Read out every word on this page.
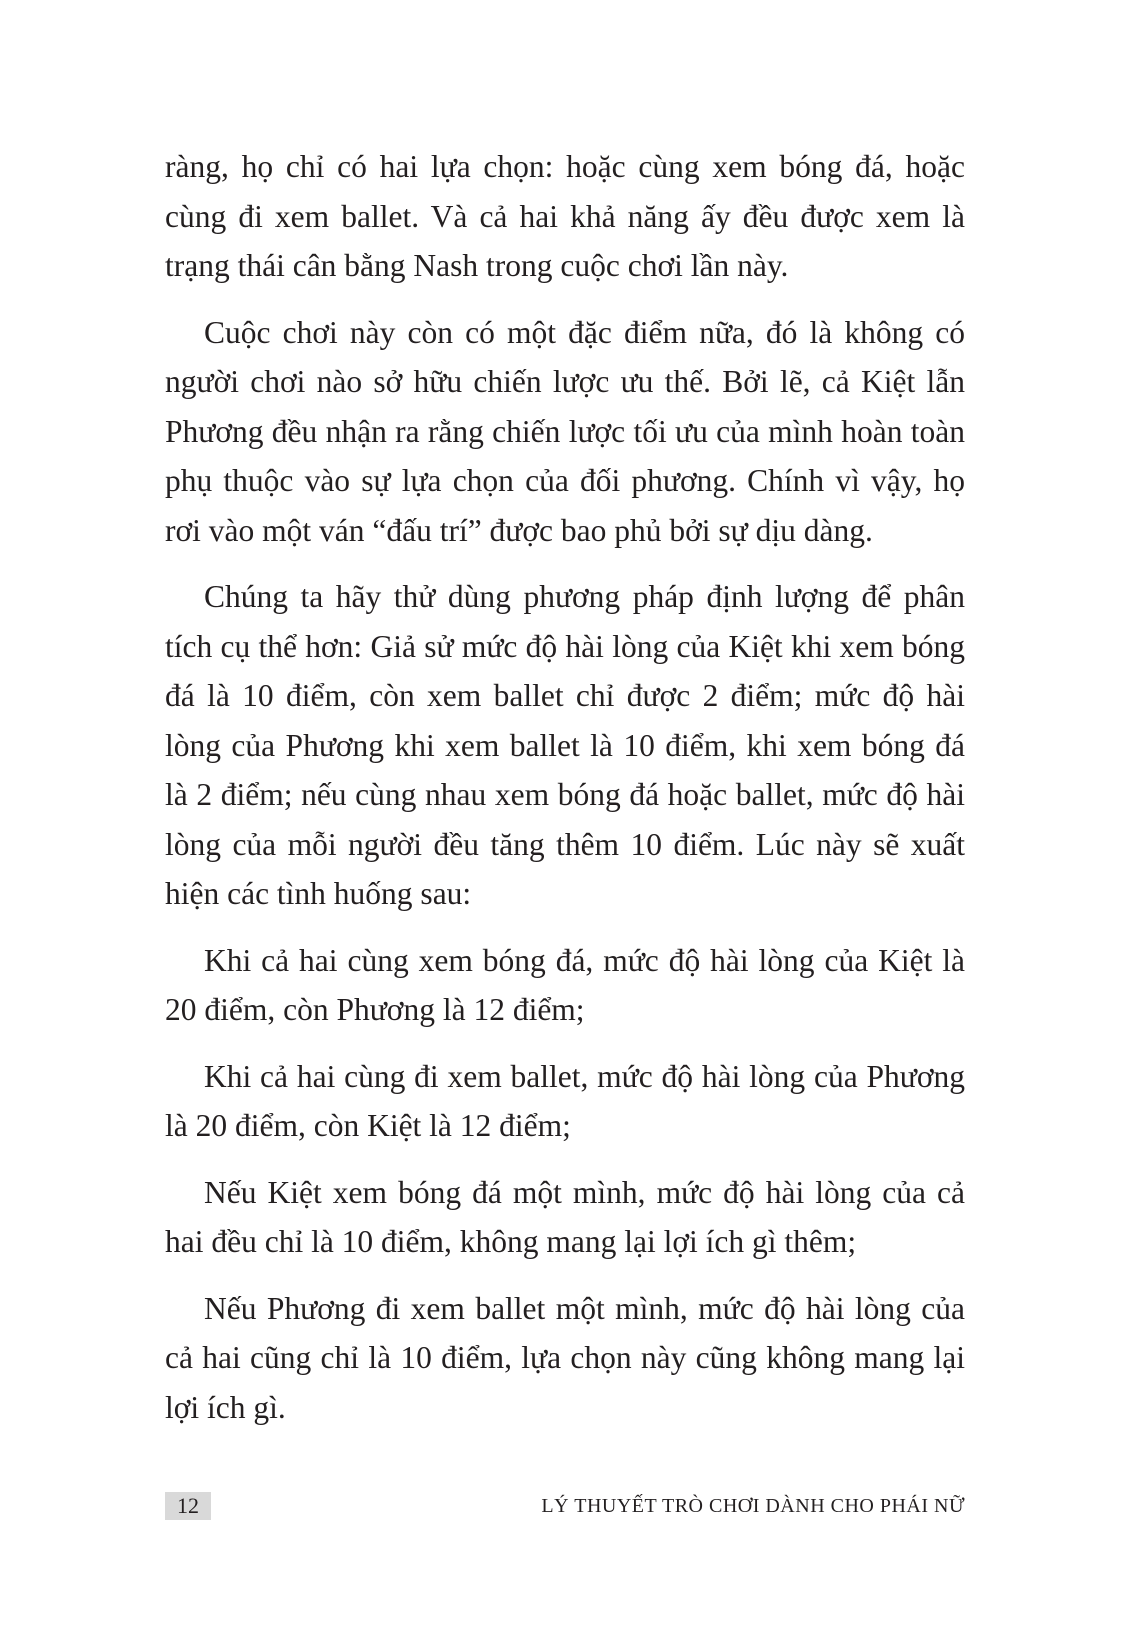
ràng, họ chỉ có hai lựa chọn: hoặc cùng xem bóng đá, hoặc cùng đi xem ballet. Và cả hai khả năng ấy đều được xem là trạng thái cân bằng Nash trong cuộc chơi lần này.

Cuộc chơi này còn có một đặc điểm nữa, đó là không có người chơi nào sở hữu chiến lược ưu thế. Bởi lẽ, cả Kiệt lẫn Phương đều nhận ra rằng chiến lược tối ưu của mình hoàn toàn phụ thuộc vào sự lựa chọn của đối phương. Chính vì vậy, họ rơi vào một ván “đấu trí” được bao phủ bởi sự dịu dàng.

Chúng ta hãy thử dùng phương pháp định lượng để phân tích cụ thể hơn: Giả sử mức độ hài lòng của Kiệt khi xem bóng đá là 10 điểm, còn xem ballet chỉ được 2 điểm; mức độ hài lòng của Phương khi xem ballet là 10 điểm, khi xem bóng đá là 2 điểm; nếu cùng nhau xem bóng đá hoặc ballet, mức độ hài lòng của mỗi người đều tăng thêm 10 điểm. Lúc này sẽ xuất hiện các tình huống sau:

Khi cả hai cùng xem bóng đá, mức độ hài lòng của Kiệt là 20 điểm, còn Phương là 12 điểm;

Khi cả hai cùng đi xem ballet, mức độ hài lòng của Phương là 20 điểm, còn Kiệt là 12 điểm;

Nếu Kiệt xem bóng đá một mình, mức độ hài lòng của cả hai đều chỉ là 10 điểm, không mang lại lợi ích gì thêm;

Nếu Phương đi xem ballet một mình, mức độ hài lòng của cả hai cũng chỉ là 10 điểm, lựa chọn này cũng không mang lại lợi ích gì.

12	LÝ THUYẾT TRÒ CHƠI DÀNH CHO PHÁI NỮ
